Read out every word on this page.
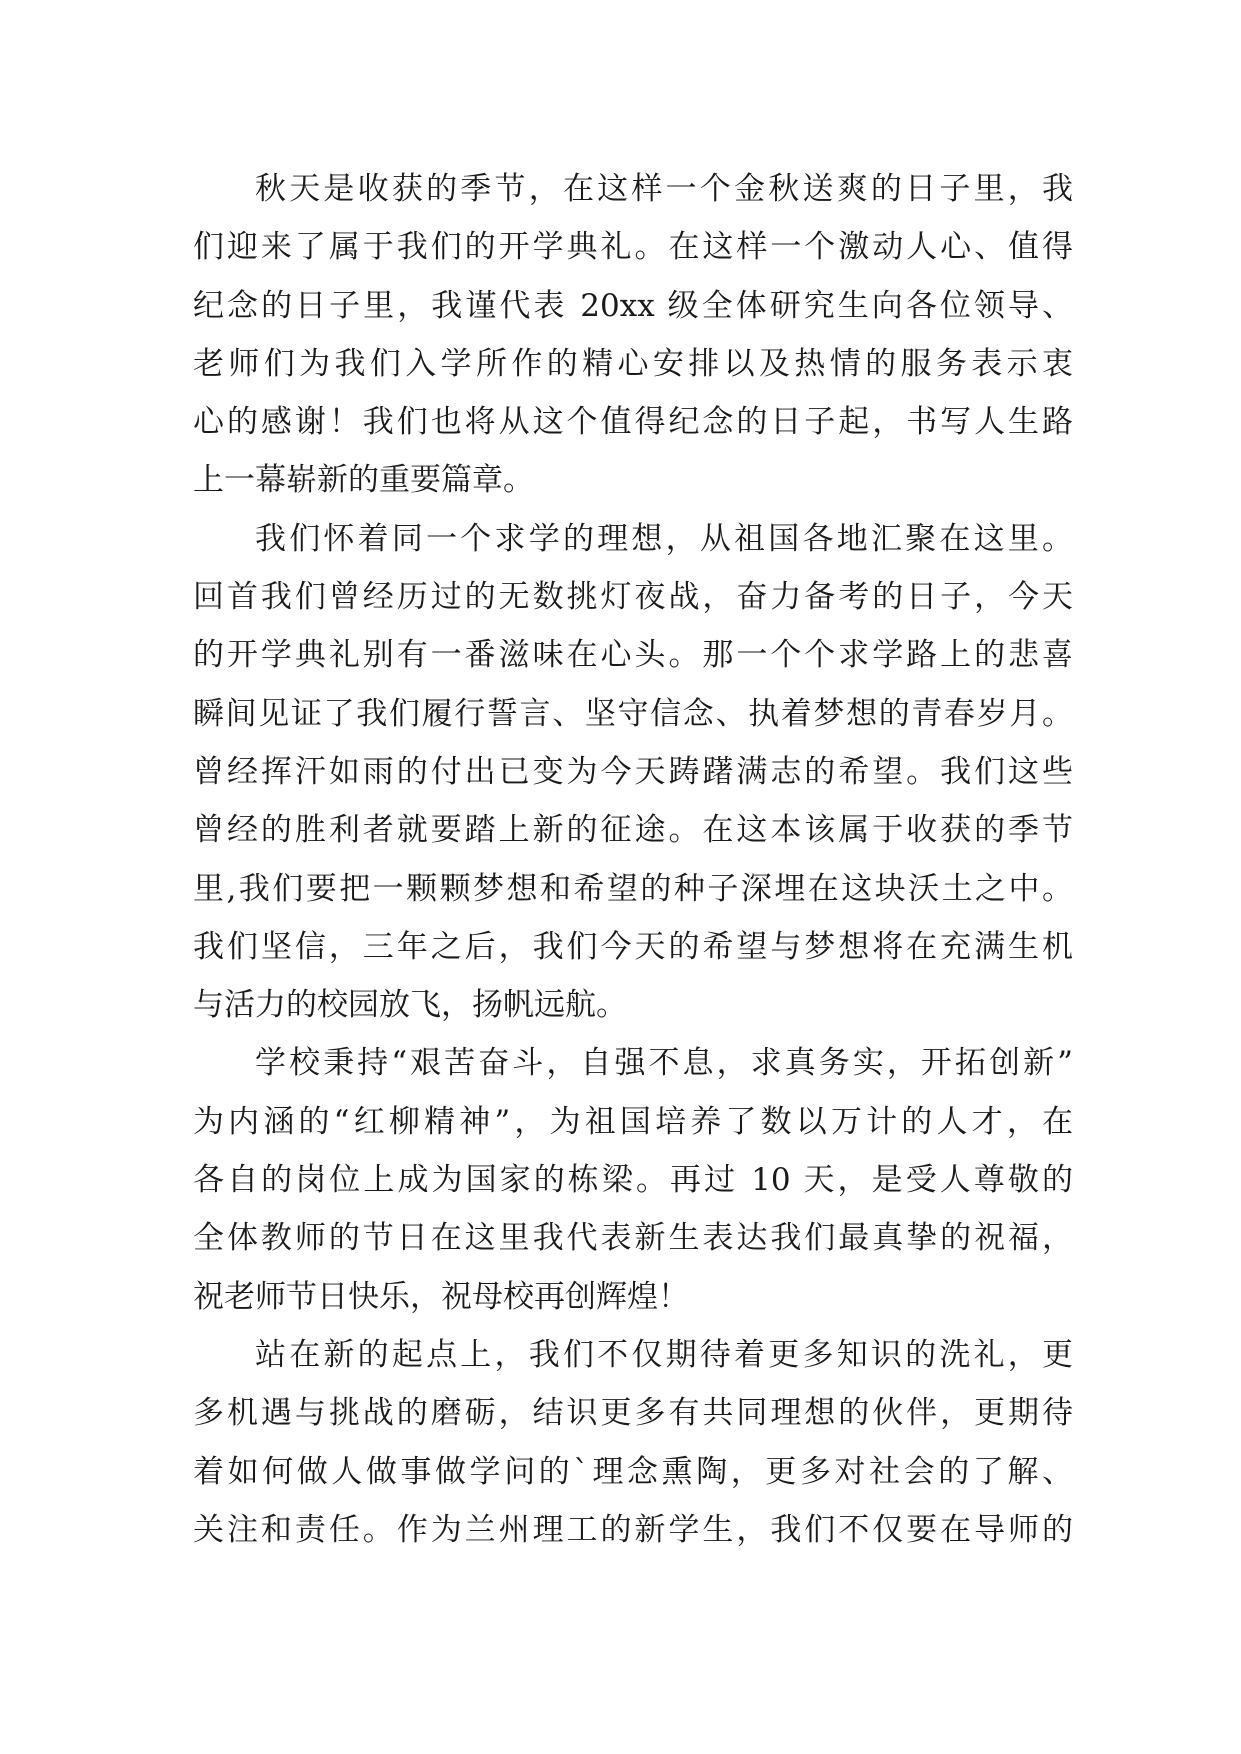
秋天是收获的季节，在这样一个金秋送爽的日子里，我
们迎来了属于我们的开学典礼。在这样一个激动人心、值得
纪念的日子里，我谨代表 20xx 级全体研究生向各位领导、
老师们为我们入学所作的精心安排以及热情的服务表示衷
心的感谢！我们也将从这个值得纪念的日子起，书写人生路
上一幕崭新的重要篇章。
我们怀着同一个求学的理想，从祖国各地汇聚在这里。
回首我们曾经历过的无数挑灯夜战，奋力备考的日子，今天
的开学典礼别有一番滋味在心头。那一个个求学路上的悲喜
瞬间见证了我们履行誓言、坚守信念、执着梦想的青春岁月。
曾经挥汗如雨的付出已变为今天踌躇满志的希望。我们这些
曾经的胜利者就要踏上新的征途。在这本该属于收获的季节
里,我们要把一颗颗梦想和希望的种子深埋在这块沃土之中。
我们坚信，三年之后，我们今天的希望与梦想将在充满生机
与活力的校园放飞，扬帆远航。
学校秉持“艰苦奋斗，自强不息，求真务实，开拓创新”
为内涵的“红柳精神”，为祖国培养了数以万计的人才，在
各自的岗位上成为国家的栋梁。再过 10 天，是受人尊敬的
全体教师的节日在这里我代表新生表达我们最真挚的祝福，
祝老师节日快乐，祝母校再创辉煌！
站在新的起点上，我们不仅期待着更多知识的洗礼，更
多机遇与挑战的磨砺，结识更多有共同理想的伙伴，更期待
着如何做人做事做学问的`理念熏陶，更多对社会的了解、
关注和责任。作为兰州理工的新学生，我们不仅要在导师的
